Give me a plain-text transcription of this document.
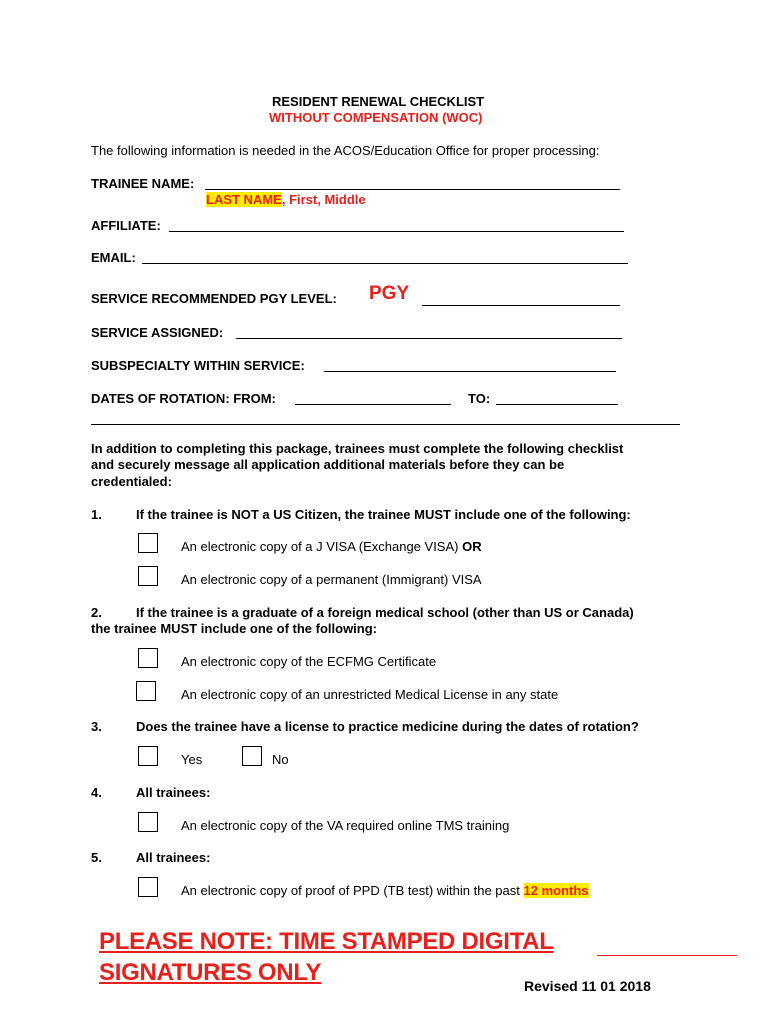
RESIDENT RENEWAL CHECKLIST
WITHOUT COMPENSATION (WOC)
The following information is needed in the ACOS/Education Office for proper processing:
TRAINEE NAME:
LAST NAME, First, Middle
AFFILIATE:
EMAIL:
SERVICE RECOMMENDED PGY LEVEL: PGY
SERVICE ASSIGNED:
SUBSPECIALTY WITHIN SERVICE:
DATES OF ROTATION: FROM:	TO:
In addition to completing this package, trainees must complete the following checklist
and securely message all application additional materials before they can be
credentialed:
1.	If the trainee is NOT a US Citizen, the trainee MUST include one of the following:
An electronic copy of a J VISA (Exchange VISA) OR
An electronic copy of a permanent (Immigrant) VISA
2.	If the trainee is a graduate of a foreign medical school (other than US or Canada)
the trainee MUST include one of the following:
An electronic copy of the ECFMG Certificate
An electronic copy of an unrestricted Medical License in any state
3.	Does the trainee have a license to practice medicine during the dates of rotation?
Yes	No
4.	All trainees:
An electronic copy of the VA required online TMS training
5.	All trainees:
An electronic copy of proof of PPD (TB test) within the past 12 months
PLEASE NOTE: TIME STAMPED DIGITAL
SIGNATURES ONLY	Revised 11 01 2018
